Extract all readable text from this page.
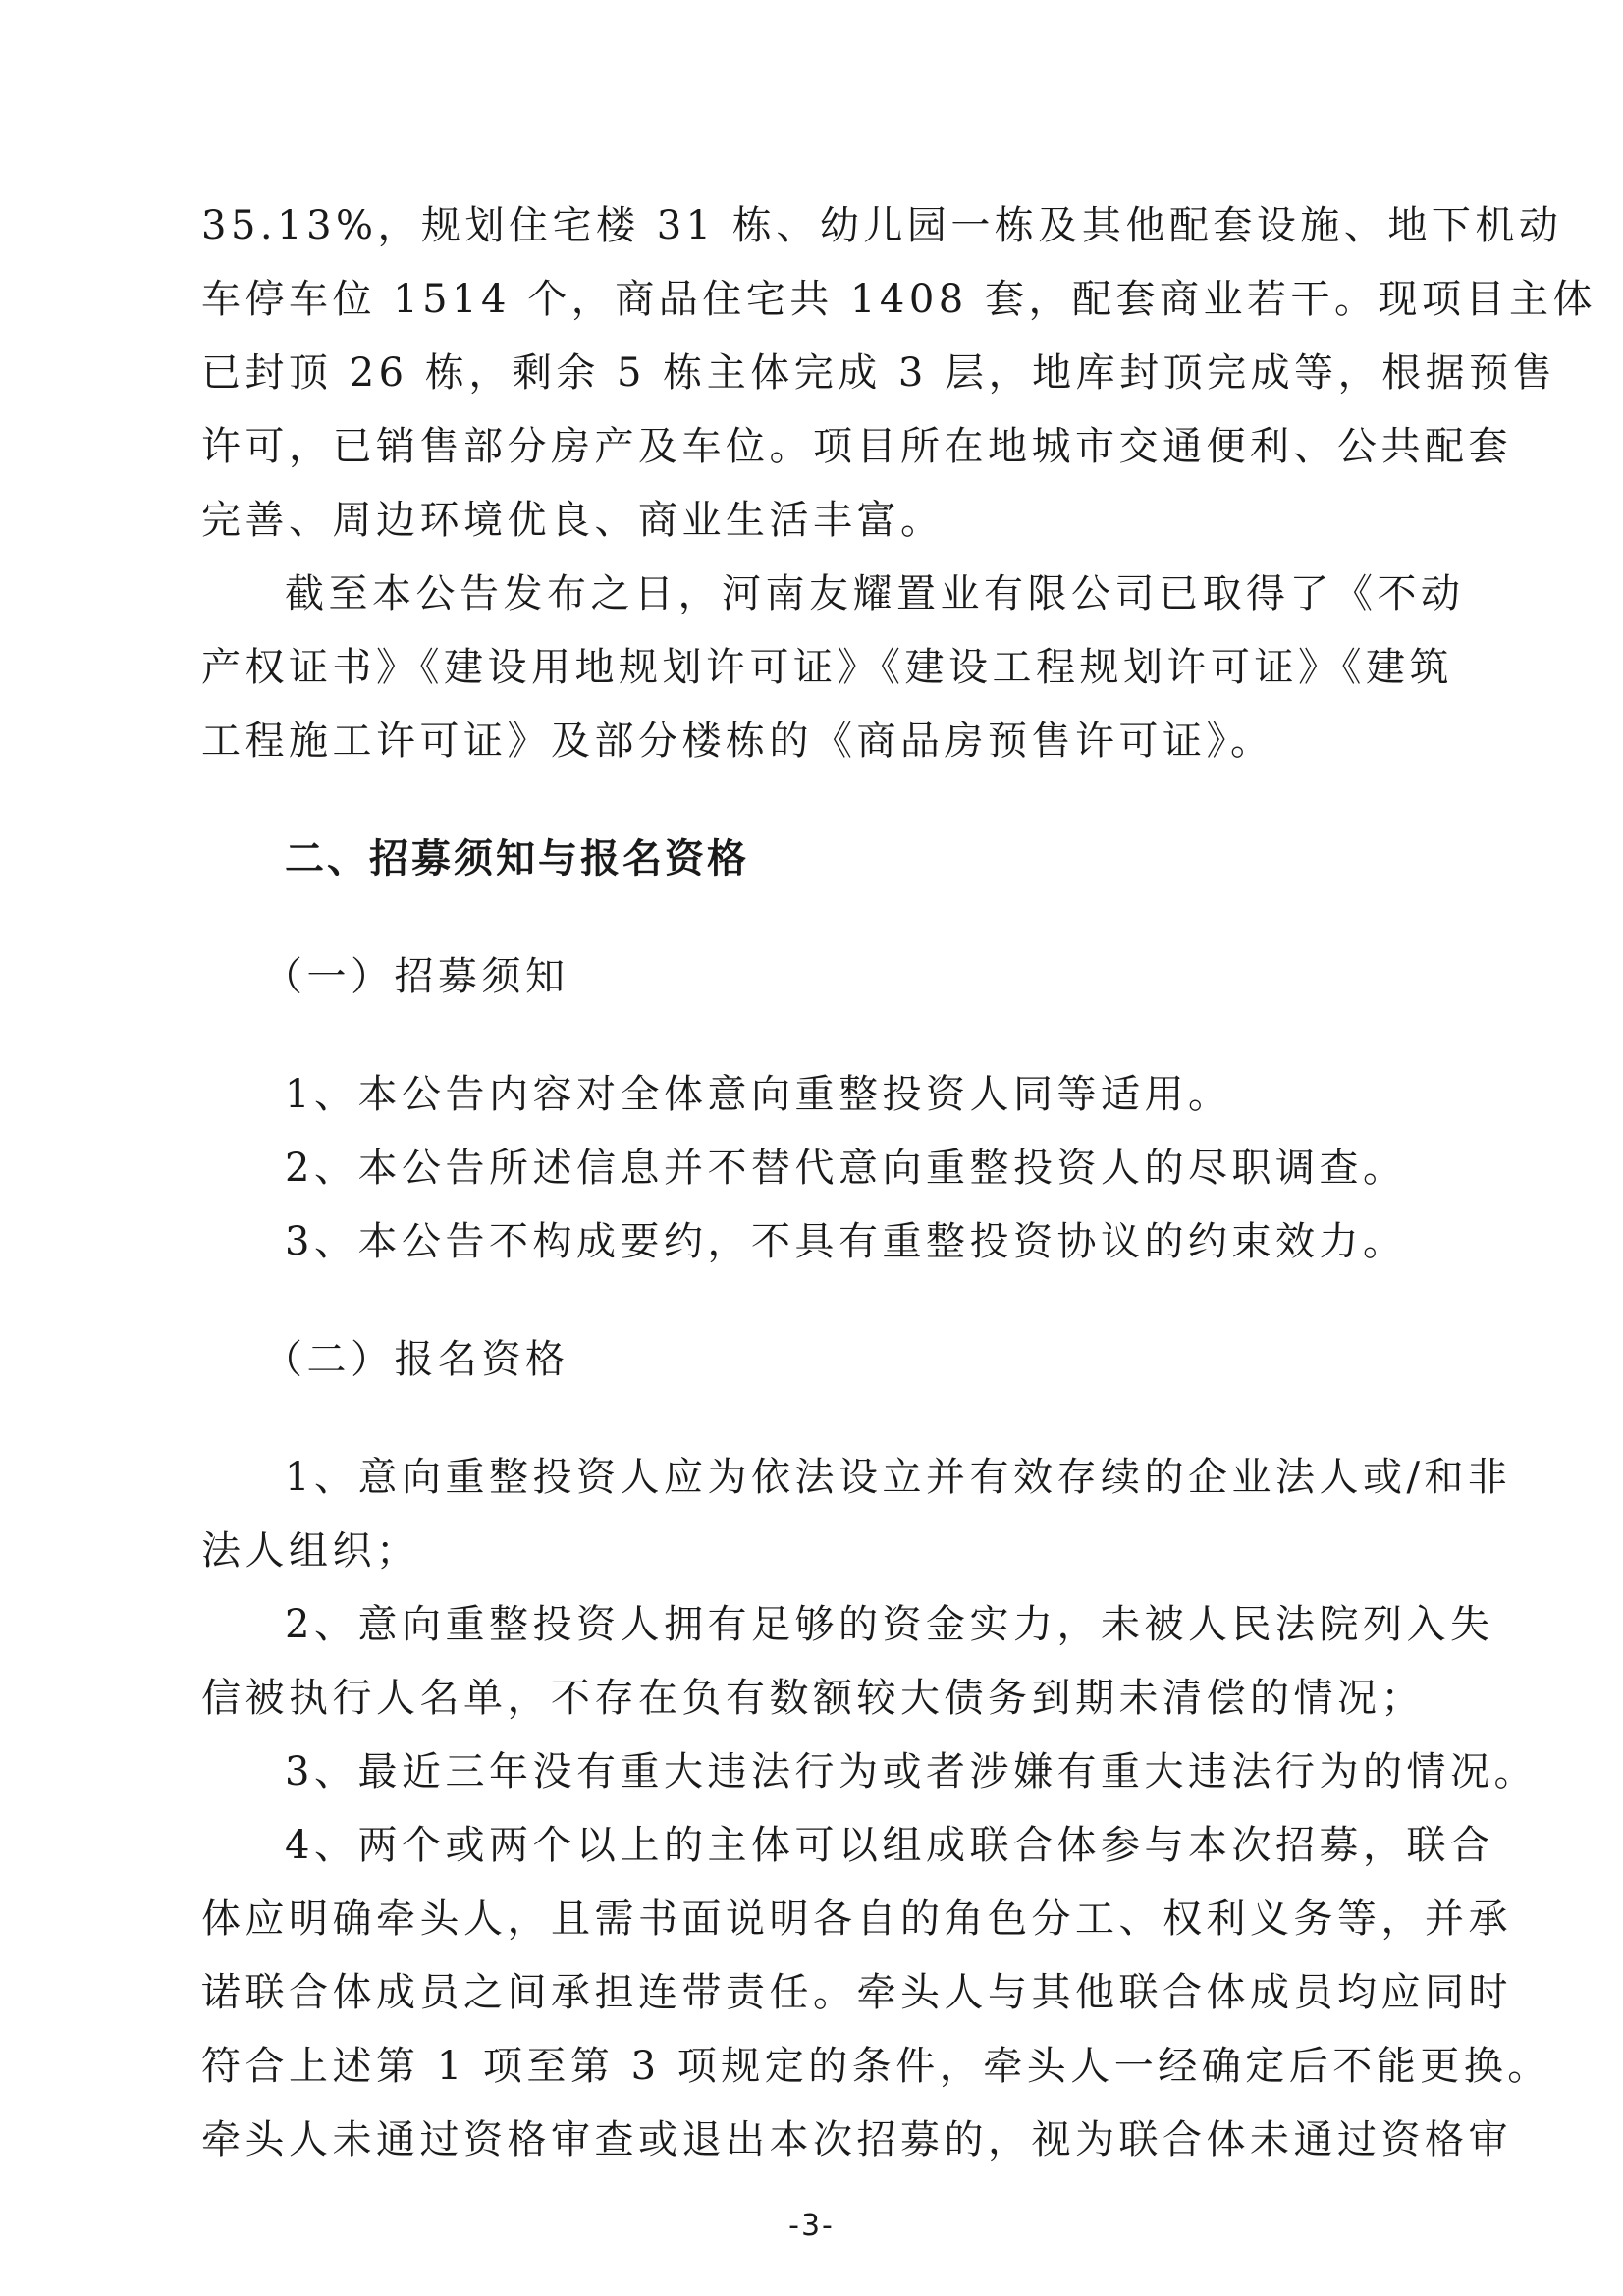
35.13%，规划住宅楼 31 栋、幼儿园一栋及其他配套设施、地下机动
车停车位 1514 个，商品住宅共 1408 套，配套商业若干。现项目主体
已封顶 26 栋，剩余 5 栋主体完成 3 层，地库封顶完成等，根据预售
许可，已销售部分房产及车位。项目所在地城市交通便利、公共配套
完善、周边环境优良、商业生活丰富。
截至本公告发布之日，河南友耀置业有限公司已取得了《不动
产权证书》《建设用地规划许可证》《建设工程规划许可证》《建筑
工程施工许可证》及部分楼栋的《商品房预售许可证》。
二、招募须知与报名资格
（一）招募须知
1、本公告内容对全体意向重整投资人同等适用。
2、本公告所述信息并不替代意向重整投资人的尽职调查。
3、本公告不构成要约，不具有重整投资协议的约束效力。
（二）报名资格
1、意向重整投资人应为依法设立并有效存续的企业法人或/和非
法人组织；
2、意向重整投资人拥有足够的资金实力，未被人民法院列入失
信被执行人名单，不存在负有数额较大债务到期未清偿的情况；
3、最近三年没有重大违法行为或者涉嫌有重大违法行为的情况。
4、两个或两个以上的主体可以组成联合体参与本次招募，联合
体应明确牵头人，且需书面说明各自的角色分工、权利义务等，并承
诺联合体成员之间承担连带责任。牵头人与其他联合体成员均应同时
符合上述第 1 项至第 3 项规定的条件，牵头人一经确定后不能更换。
牵头人未通过资格审查或退出本次招募的，视为联合体未通过资格审
-3-
